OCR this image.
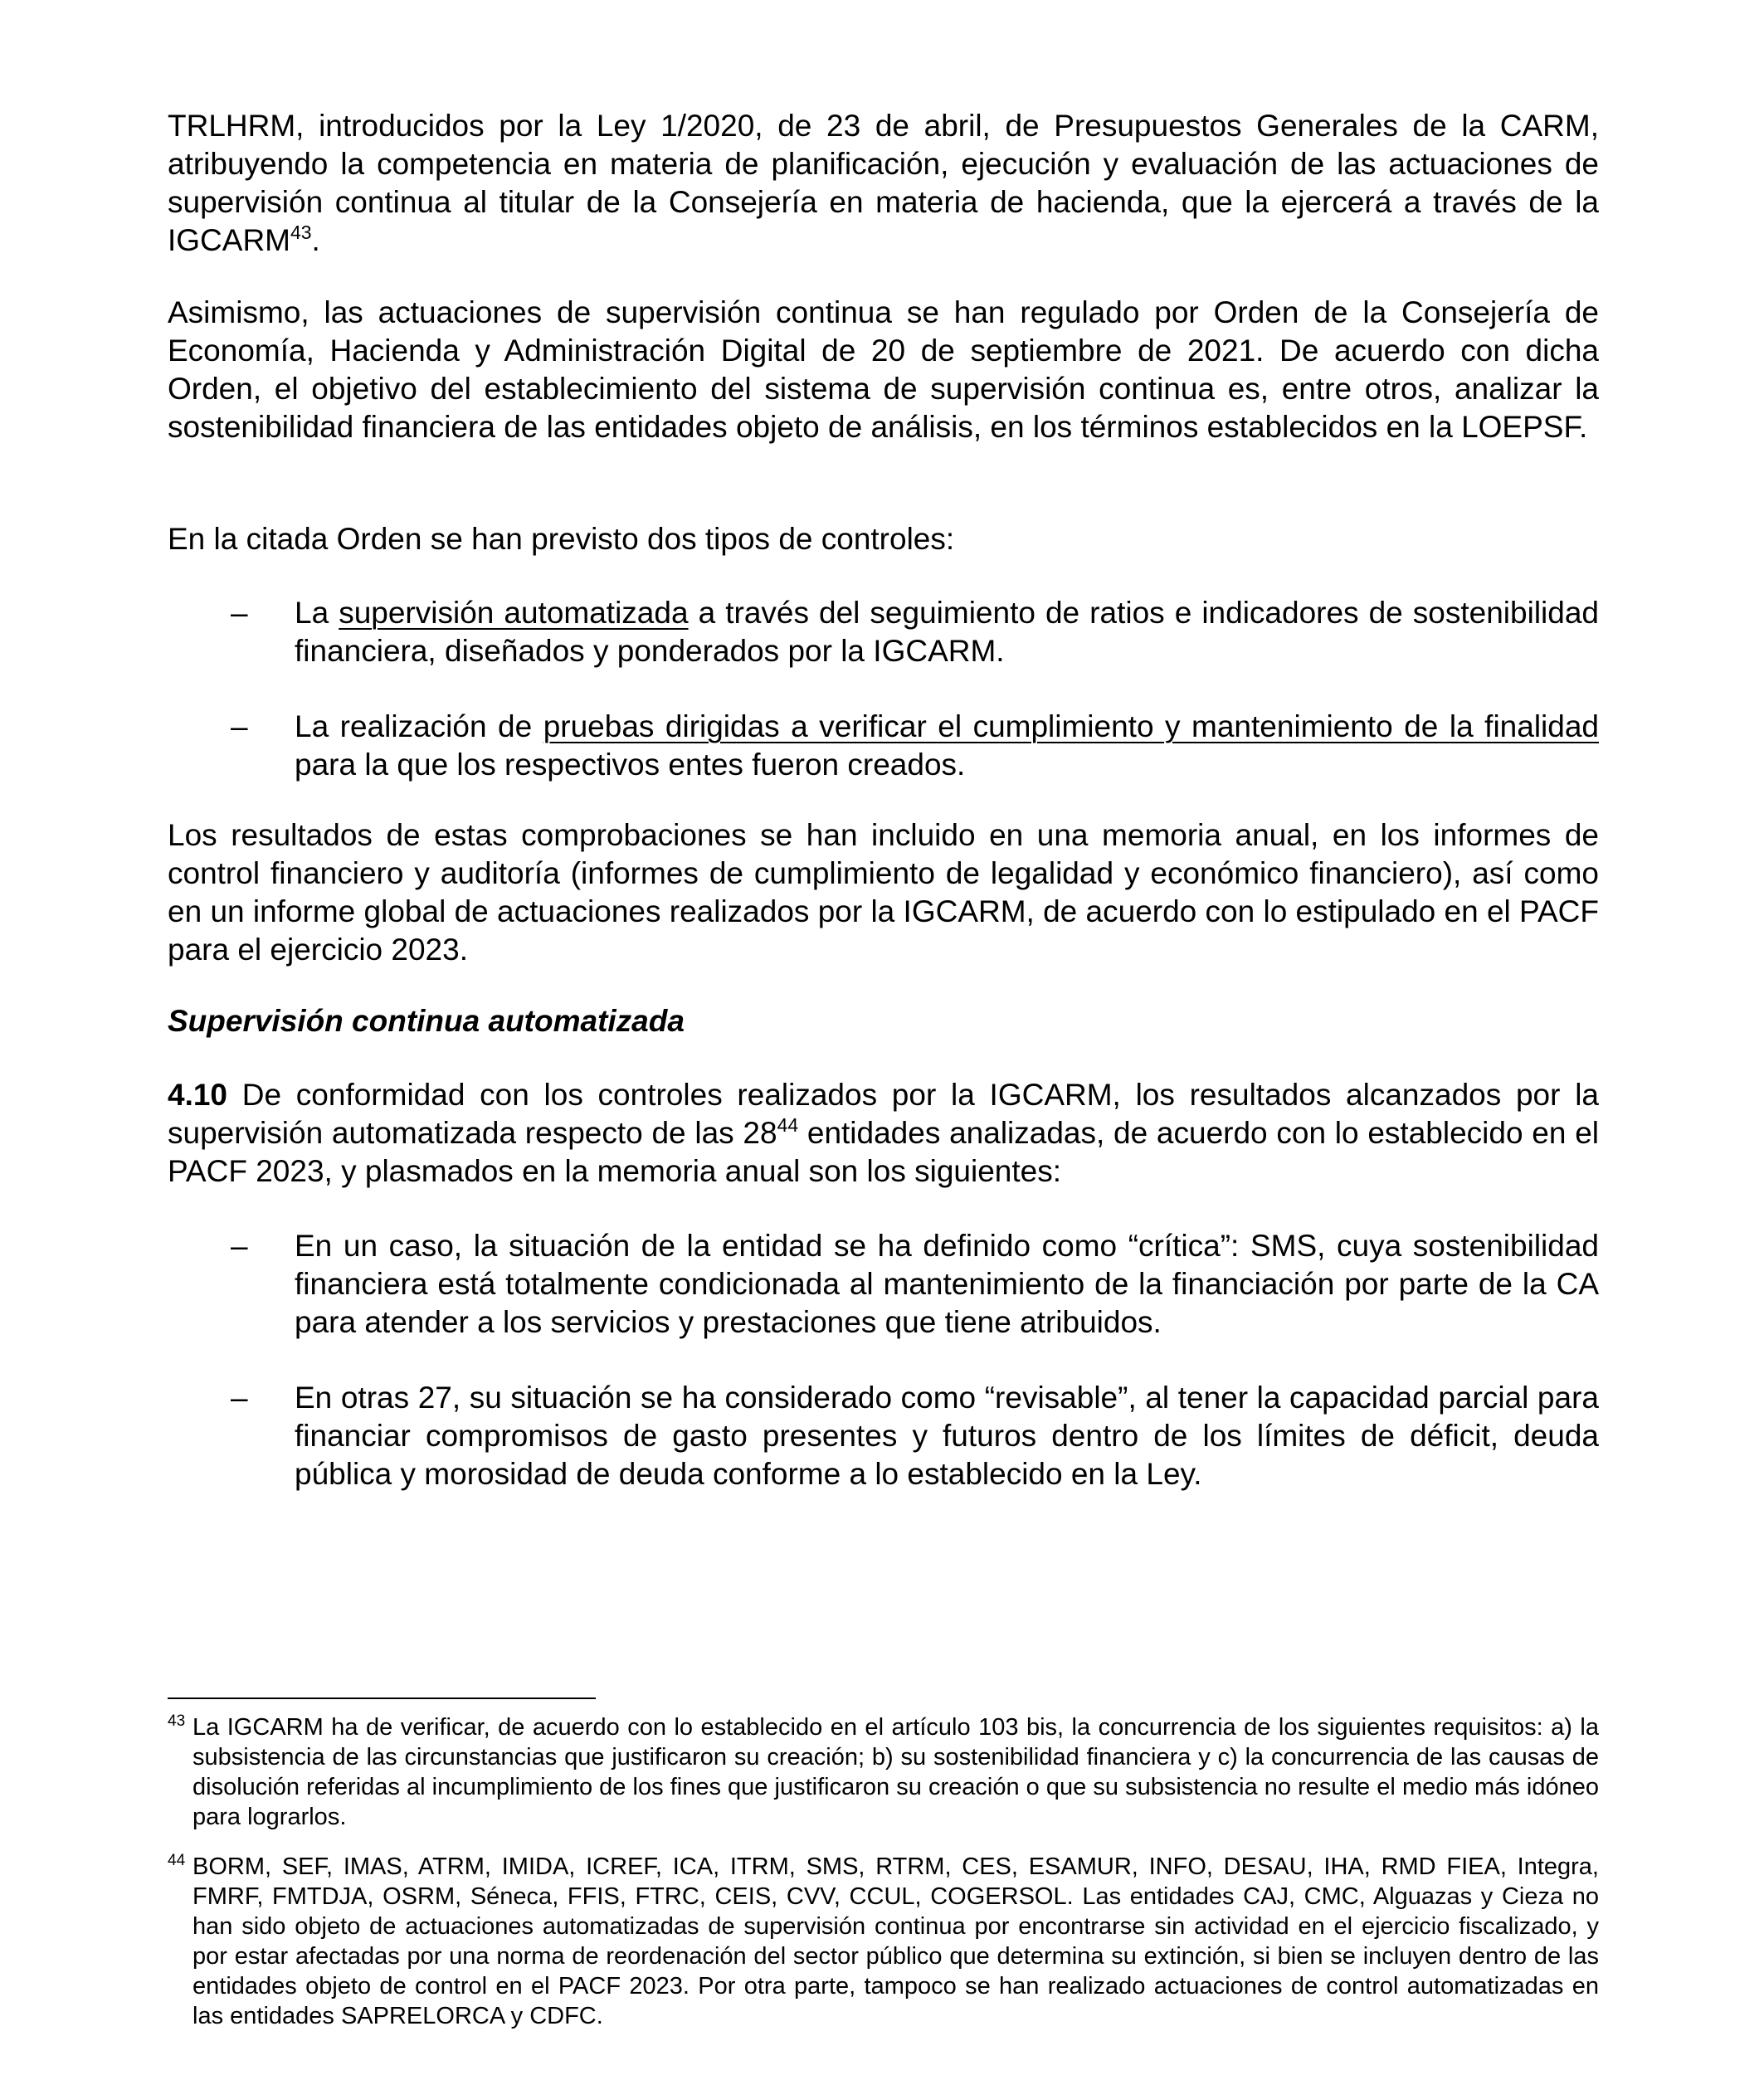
TRLHRM, introducidos por la Ley 1/2020, de 23 de abril, de Presupuestos Generales de la CARM, atribuyendo la competencia en materia de planificación, ejecución y evaluación de las actuaciones de supervisión continua al titular de la Consejería en materia de hacienda, que la ejercerá a través de la IGCARM$^{43}$.

Asimismo, las actuaciones de supervisión continua se han regulado por Orden de la Consejería de Economía, Hacienda y Administración Digital de 20 de septiembre de 2021. De acuerdo con dicha Orden, el objetivo del establecimiento del sistema de supervisión continua es, entre otros, analizar la sostenibilidad financiera de las entidades objeto de análisis, en los términos establecidos en la LOEPSF.

En la citada Orden se han previsto dos tipos de controles:

– La supervisión automatizada a través del seguimiento de ratios e indicadores de sostenibilidad financiera, diseñados y ponderados por la IGCARM.

– La realización de pruebas dirigidas a verificar el cumplimiento y mantenimiento de la finalidad para la que los respectivos entes fueron creados.

Los resultados de estas comprobaciones se han incluido en una memoria anual, en los informes de control financiero y auditoría (informes de cumplimiento de legalidad y económico financiero), así como en un informe global de actuaciones realizados por la IGCARM, de acuerdo con lo estipulado en el PACF para el ejercicio 2023.

Supervisión continua automatizada

4.10 De conformidad con los controles realizados por la IGCARM, los resultados alcanzados por la supervisión automatizada respecto de las $28^{44}$ entidades analizadas, de acuerdo con lo establecido en el PACF 2023, y plasmados en la memoria anual son los siguientes:

– En un caso, la situación de la entidad se ha definido como “crítica”: SMS, cuya sostenibilidad financiera está totalmente condicionada al mantenimiento de la financiación por parte de la CA para atender a los servicios y prestaciones que tiene atribuidos.

– En otras 27, su situación se ha considerado como “revisable”, al tener la capacidad parcial para financiar compromisos de gasto presentes y futuros dentro de los límites de déficit, deuda pública y morosidad de deuda conforme a lo establecido en la Ley.

43 La IGCARM ha de verificar, de acuerdo con lo establecido en el artículo 103 bis, la concurrencia de los siguientes requisitos: a) la subsistencia de las circunstancias que justificaron su creación; b) su sostenibilidad financiera y c) la concurrencia de las causas de disolución referidas al incumplimiento de los fines que justificaron su creación o que su subsistencia no resulte el medio más idóneo para lograrlos.

44 BORM, SEF, IMAS, ATRM, IMIDA, ICREF, ICA, ITRM, SMS, RTRM, CES, ESAMUR, INFO, DESAU, IHA, RMD FIEA, Integra, FMRF, FMTDJA, OSRM, Séneca, FFIS, FTRC, CEIS, CVV, CCUL, COGERSOL. Las entidades CAJ, CMC, Alguazas y Cieza no han sido objeto de actuaciones automatizadas de supervisión continua por encontrarse sin actividad en el ejercicio fiscalizado, y por estar afectadas por una norma de reordenación del sector público que determina su extinción, si bien se incluyen dentro de las entidades objeto de control en el PACF 2023. Por otra parte, tampoco se han realizado actuaciones de control automatizadas en las entidades SAPRELORCA y CDFC.
